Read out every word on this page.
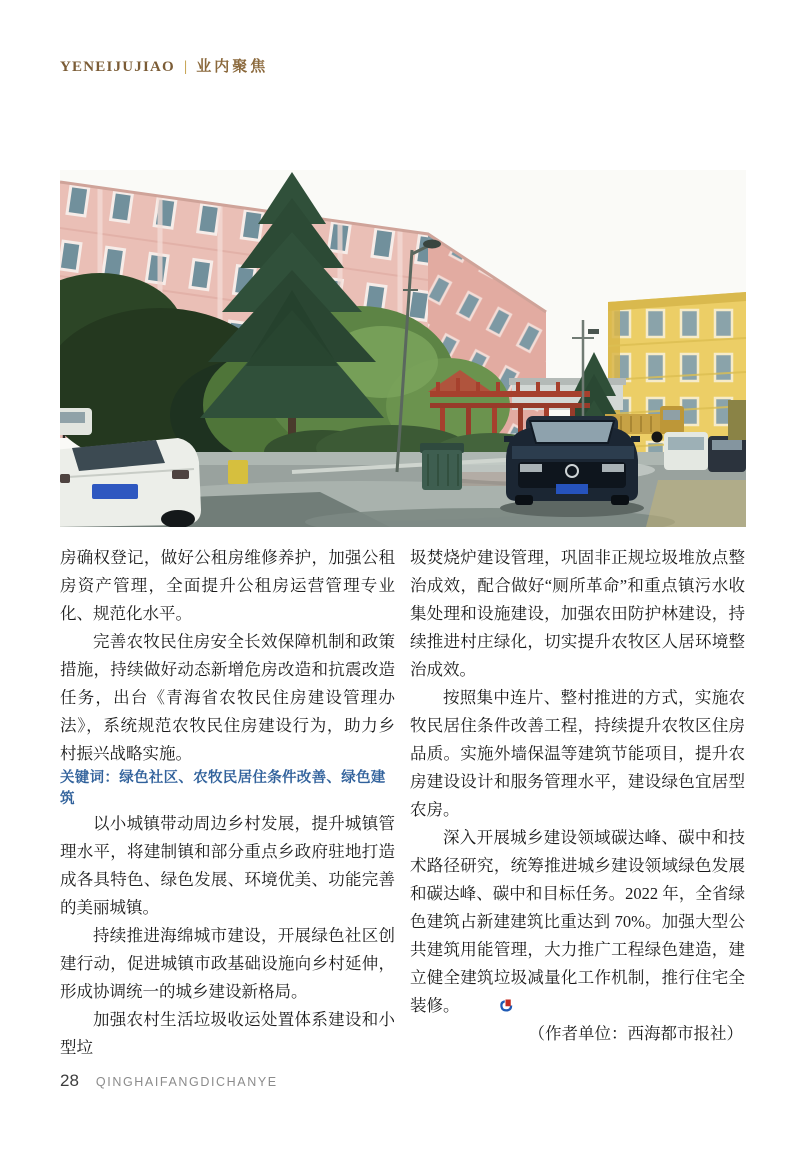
YENEIJUJIAO | 业内聚焦

房确权登记，做好公租房维修养护，加强公租房资产管理，全面提升公租房运营管理专业化、规范化水平。

完善农牧民住房安全长效保障机制和政策措施，持续做好动态新增危房改造和抗震改造任务，出台《青海省农牧民住房建设管理办法》，系统规范农牧民住房建设行为，助力乡村振兴战略实施。

关键词：绿色社区、农牧民居住条件改善、绿色建筑

以小城镇带动周边乡村发展，提升城镇管理水平，将建制镇和部分重点乡政府驻地打造成各具特色、绿色发展、环境优美、功能完善的美丽城镇。

持续推进海绵城市建设，开展绿色社区创建行动，促进城镇市政基础设施向乡村延伸，形成协调统一的城乡建设新格局。

加强农村生活垃圾收运处置体系建设和小型垃

圾焚烧炉建设管理，巩固非正规垃圾堆放点整治成效，配合做好“厕所革命”和重点镇污水收集处理和设施建设，加强农田防护林建设，持续推进村庄绿化，切实提升农牧区人居环境整治成效。

按照集中连片、整村推进的方式，实施农牧民居住条件改善工程，持续提升农牧区住房品质。实施外墙保温等建筑节能项目，提升农房建设设计和服务管理水平，建设绿色宜居型农房。

深入开展城乡建设领域碳达峰、碳中和技术路径研究，统筹推进城乡建设领域绿色发展和碳达峰、碳中和目标任务。2022 年，全省绿色建筑占新建建筑比重达到 70%。加强大型公共建筑用能管理，大力推广工程绿色建造，建立健全建筑垃圾减量化工作机制，推行住宅全装修。

（作者单位：西海都市报社）

28 QINGHAIFANGDICHANYE
